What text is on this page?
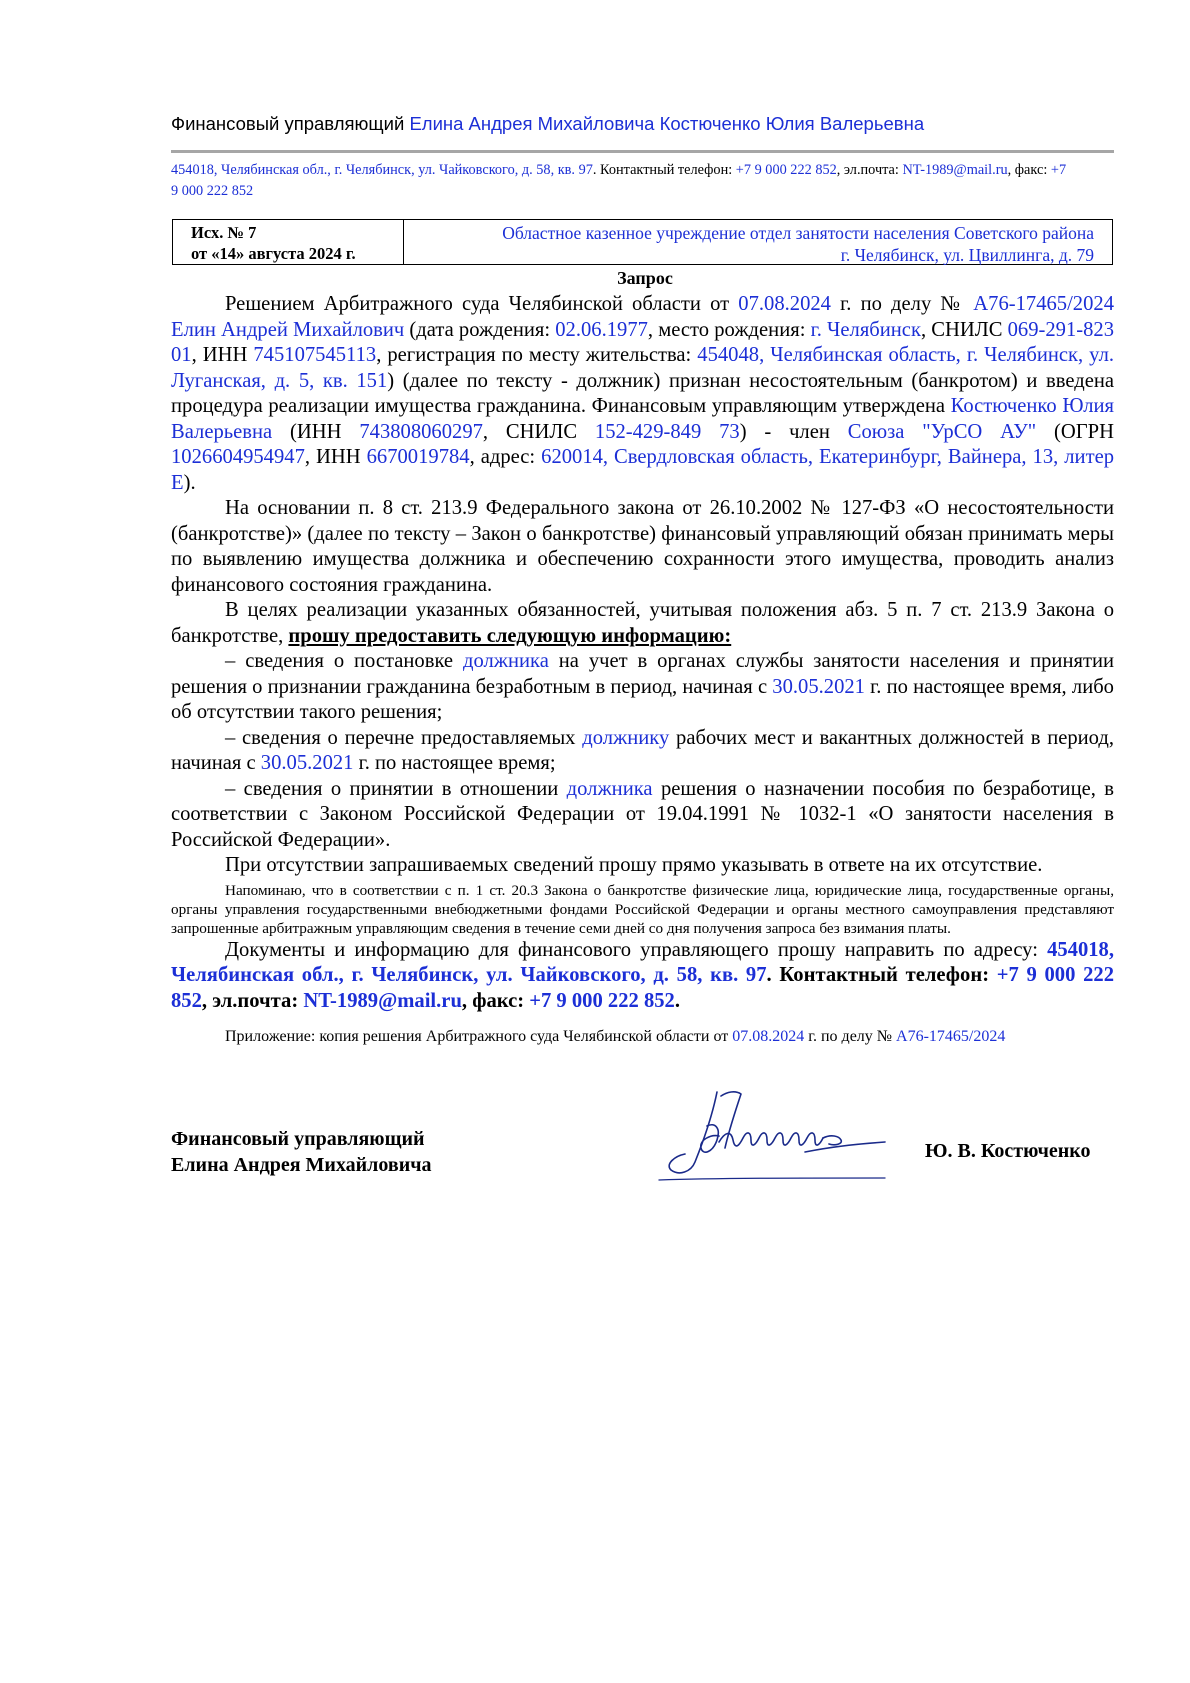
Финансовый управляющий Елина Андрея Михайловича Костюченко Юлия Валерьевна
454018, Челябинская обл., г. Челябинск, ул. Чайковского, д. 58, кв. 97. Контактный телефон: +7 9 000 222 852, эл.почта: NT-1989@mail.ru, факс: +7 9 000 222 852
Исх. № 7
от «14» августа 2024 г.
Областное казенное учреждение отдел занятости населения Советского района
г. Челябинск, ул. Цвиллинга, д. 79
Запрос

Решением Арбитражного суда Челябинской области от 07.08.2024 г. по делу № А76-17465/2024 Елин Андрей Михайлович (дата рождения: 02.06.1977, место рождения: г. Челябинск, СНИЛС 069-291-823 01, ИНН 745107545113, регистрация по месту жительства: 454048, Челябинская область, г. Челябинск, ул. Луганская, д. 5, кв. 151) (далее по тексту - должник) признан несостоятельным (банкротом) и введена процедура реализации имущества гражданина. Финансовым управляющим утверждена Костюченко Юлия Валерьевна (ИНН 743808060297, СНИЛС 152-429-849 73) - член Союза "УрСО АУ" (ОГРН 1026604954947, ИНН 6670019784, адрес: 620014, Свердловская область, Екатеринбург, Вайнера, 13, литер Е).

На основании п. 8 ст. 213.9 Федерального закона от 26.10.2002 № 127-ФЗ «О несостоятельности (банкротстве)» (далее по тексту – Закон о банкротстве) финансовый управляющий обязан принимать меры по выявлению имущества должника и обеспечению сохранности этого имущества, проводить анализ финансового состояния гражданина.

В целях реализации указанных обязанностей, учитывая положения абз. 5 п. 7 ст. 213.9 Закона о банкротстве, прошу предоставить следующую информацию:

– сведения о постановке должника на учет в органах службы занятости населения и принятии решения о признании гражданина безработным в период, начиная с 30.05.2021 г. по настоящее время, либо об отсутствии такого решения;

– сведения о перечне предоставляемых должнику рабочих мест и вакантных должностей в период, начиная с 30.05.2021 г. по настоящее время;

– сведения о принятии в отношении должника решения о назначении пособия по безработице, в соответствии с Законом Российской Федерации от 19.04.1991 № 1032-1 «О занятости населения в Российской Федерации».

При отсутствии запрашиваемых сведений прошу прямо указывать в ответе на их отсутствие.

Напоминаю, что в соответствии с п. 1 ст. 20.3 Закона о банкротстве физические лица, юридические лица, государственные органы, органы управления государственными внебюджетными фондами Российской Федерации и органы местного самоуправления представляют запрошенные арбитражным управляющим сведения в течение семи дней со дня получения запроса без взимания платы.

Документы и информацию для финансового управляющего прошу направить по адресу: 454018, Челябинская обл., г. Челябинск, ул. Чайковского, д. 58, кв. 97. Контактный телефон: +7 9 000 222 852, эл.почта: NT-1989@mail.ru, факс: +7 9 000 222 852.

Приложение: копия решения Арбитражного суда Челябинской области от 07.08.2024 г. по делу № А76-17465/2024

Финансовый управляющий
Елина Андрея Михайловича
Ю. В. Костюченко
